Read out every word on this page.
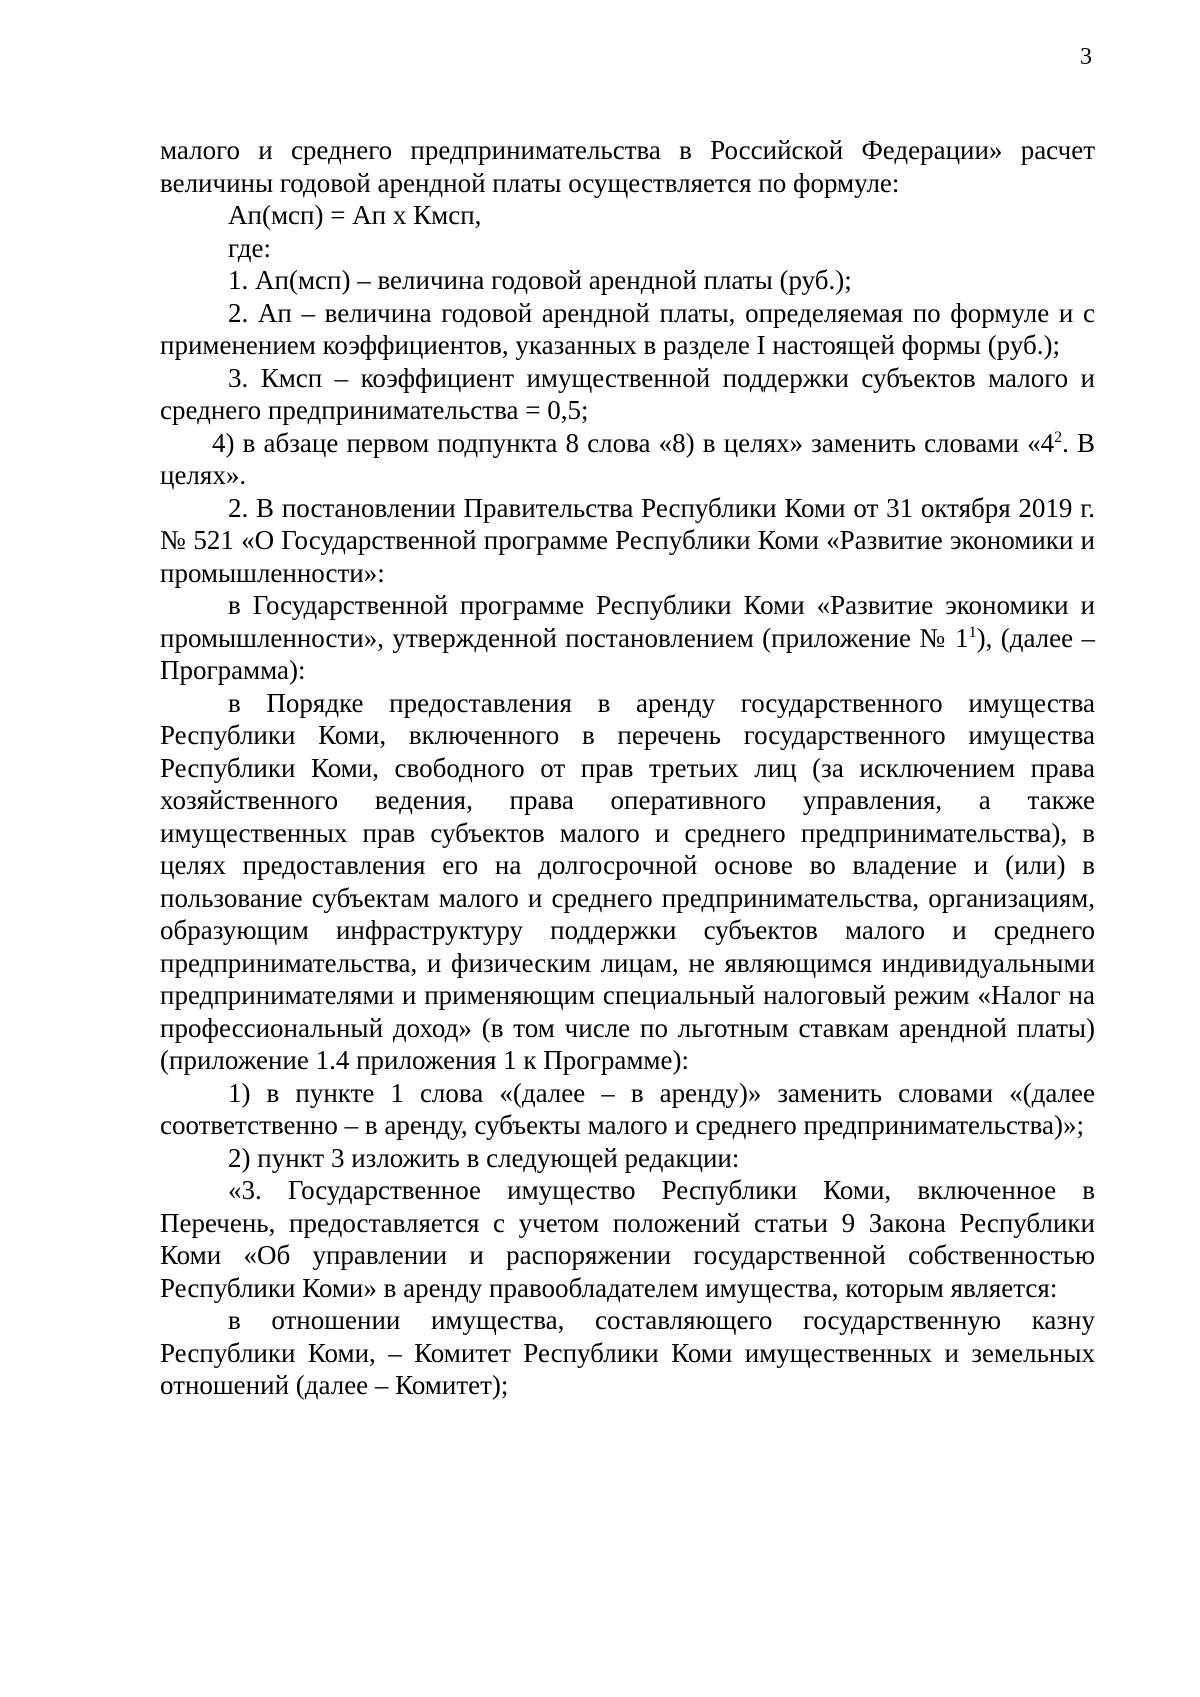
3

малого и среднего предпринимательства в Российской Федерации» расчет величины годовой арендной платы осуществляется по формуле:

Ап(мсп) = Ап х Кмсп,

где:

1. Ап(мсп) – величина годовой арендной платы (руб.);

2. Ап – величина годовой арендной платы, определяемая по формуле и с применением коэффициентов, указанных в разделе I настоящей формы (руб.);

3. Кмсп – коэффициент имущественной поддержки субъектов малого и среднего предпринимательства = 0,5;

4) в абзаце первом подпункта 8 слова «8) в целях» заменить словами «$4^2$. В целях».

2. В постановлении Правительства Республики Коми от 31 октября 2019 г. № 521 «О Государственной программе Республики Коми «Развитие экономики и промышленности»:

в Государственной программе Республики Коми «Развитие экономики и промышленности», утвержденной постановлением (приложение № $1^1$), (далее – Программа):

в Порядке предоставления в аренду государственного имущества Республики Коми, включенного в перечень государственного имущества Республики Коми, свободного от прав третьих лиц (за исключением права хозяйственного ведения, права оперативного управления, а также имущественных прав субъектов малого и среднего предпринимательства), в целях предоставления его на долгосрочной основе во владение и (или) в пользование субъектам малого и среднего предпринимательства, организациям, образующим инфраструктуру поддержки субъектов малого и среднего предпринимательства, и физическим лицам, не являющимся индивидуальными предпринимателями и применяющим специальный налоговый режим «Налог на профессиональный доход» (в том числе по льготным ставкам арендной платы) (приложение 1.4 приложения 1 к Программе):

1) в пункте 1 слова «(далее – в аренду)» заменить словами «(далее соответственно – в аренду, субъекты малого и среднего предпринимательства)»;

2) пункт 3 изложить в следующей редакции:

«3. Государственное имущество Республики Коми, включенное в Перечень, предоставляется с учетом положений статьи 9 Закона Республики Коми «Об управлении и распоряжении государственной собственностью Республики Коми» в аренду правообладателем имущества, которым является:

в отношении имущества, составляющего государственную казну Республики Коми, – Комитет Республики Коми имущественных и земельных отношений (далее – Комитет);
